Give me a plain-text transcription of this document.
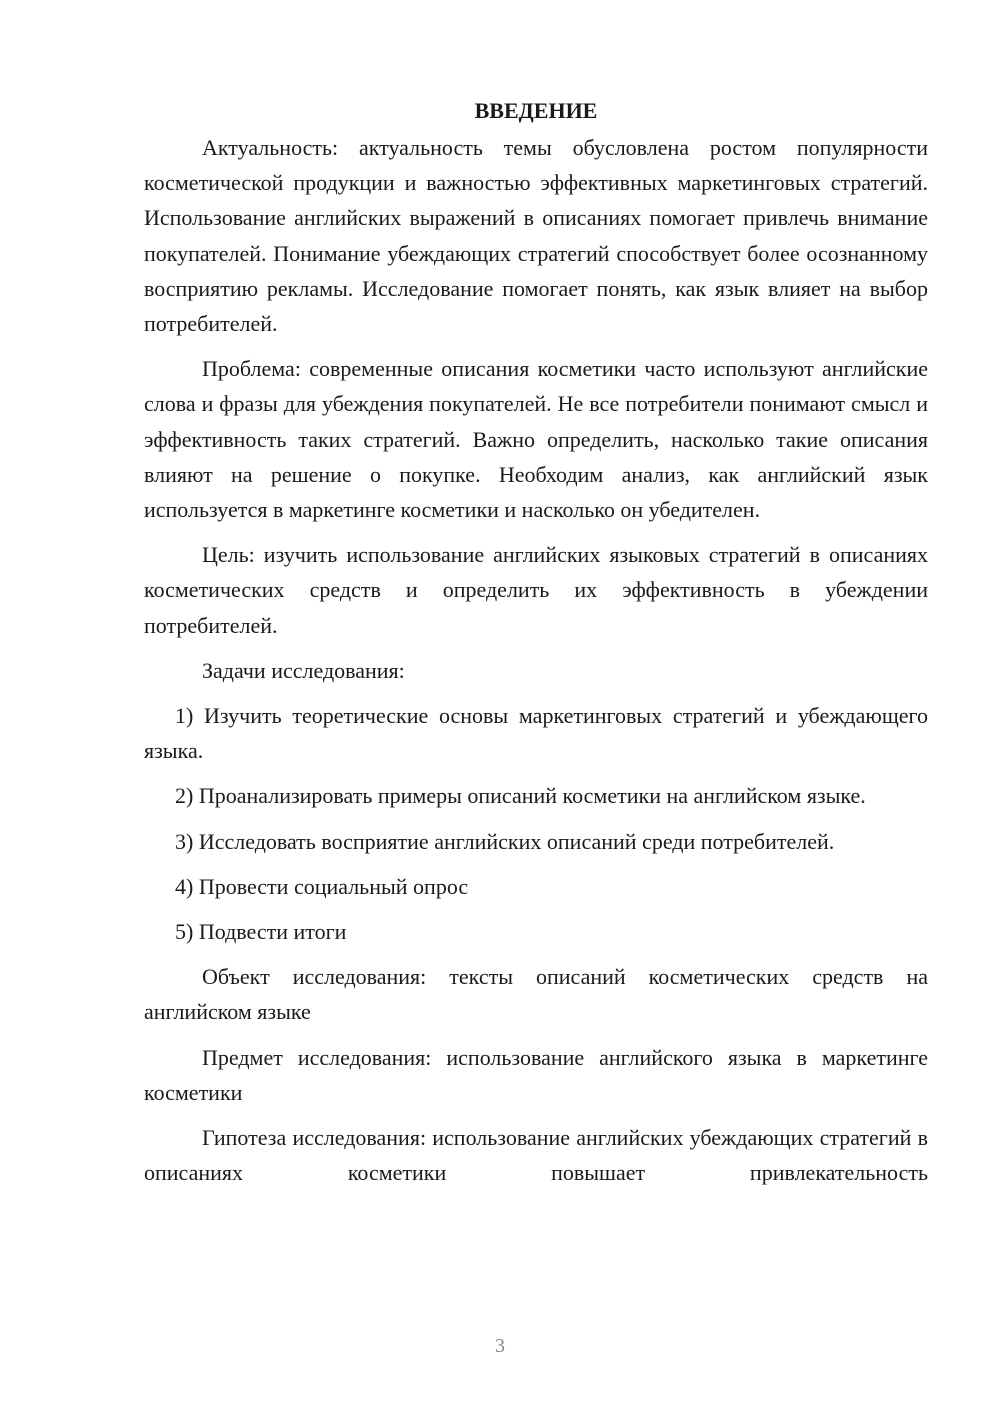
ВВЕДЕНИЕ

Актуальность: актуальность темы обусловлена ростом популярности косметической продукции и важностью эффективных маркетинговых стратегий. Использование английских выражений в описаниях помогает привлечь внимание покупателей. Понимание убеждающих стратегий способствует более осознанному восприятию рекламы. Исследование помогает понять, как язык влияет на выбор потребителей.

Проблема: современные описания косметики часто используют английские слова и фразы для убеждения покупателей. Не все потребители понимают смысл и эффективность таких стратегий. Важно определить, насколько такие описания влияют на решение о покупке. Необходим анализ, как английский язык используется в маркетинге косметики и насколько он убедителен.

Цель: изучить использование английских языковых стратегий в описаниях косметических средств и определить их эффективность в убеждении потребителей.

Задачи исследования:

1) Изучить теоретические основы маркетинговых стратегий и убеждающего языка.

2) Проанализировать примеры описаний косметики на английском языке.

3) Исследовать восприятие английских описаний среди потребителей.

4) Провести социальный опрос

5) Подвести итоги

Объект исследования: тексты описаний косметических средств на английском языке

Предмет исследования: использование английского языка в маркетинге косметики

Гипотеза исследования: использование английских убеждающих стратегий в описаниях косметики повышает привлекательность

3
